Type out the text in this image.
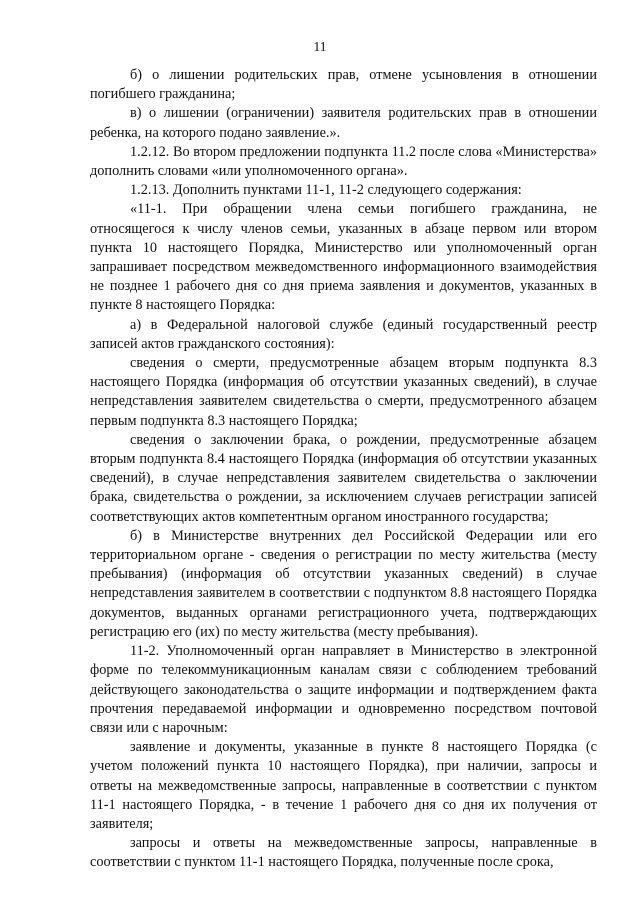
11

б) о лишении родительских прав, отмене усыновления в отношении погибшего гражданина;

в) о лишении (ограничении) заявителя родительских прав в отношении ребенка, на которого подано заявление.».

1.2.12. Во втором предложении подпункта 11.2 после слова «Министерства» дополнить словами «или уполномоченного органа».

1.2.13. Дополнить пунктами 11-1, 11-2 следующего содержания:

«11-1. При обращении члена семьи погибшего гражданина, не относящегося к числу членов семьи, указанных в абзаце первом или втором пункта 10 настоящего Порядка, Министерство или уполномоченный орган запрашивает посредством межведомственного информационного взаимодействия не позднее 1 рабочего дня со дня приема заявления и документов, указанных в пункте 8 настоящего Порядка:

а) в Федеральной налоговой службе (единый государственный реестр записей актов гражданского состояния):

сведения о смерти, предусмотренные абзацем вторым подпункта 8.3 настоящего Порядка (информация об отсутствии указанных сведений), в случае непредставления заявителем свидетельства о смерти, предусмотренного абзацем первым подпункта 8.3 настоящего Порядка;

сведения о заключении брака, о рождении, предусмотренные абзацем вторым подпункта 8.4 настоящего Порядка (информация об отсутствии указанных сведений), в случае непредставления заявителем свидетельства о заключении брака, свидетельства о рождении, за исключением случаев регистрации записей соответствующих актов компетентным органом иностранного государства;

б) в Министерстве внутренних дел Российской Федерации или его территориальном органе - сведения о регистрации по месту жительства (месту пребывания) (информация об отсутствии указанных сведений) в случае непредставления заявителем в соответствии с подпунктом 8.8 настоящего Порядка документов, выданных органами регистрационного учета, подтверждающих регистрацию его (их) по месту жительства (месту пребывания).

11-2. Уполномоченный орган направляет в Министерство в электронной форме по телекоммуникационным каналам связи с соблюдением требований действующего законодательства о защите информации и подтверждением факта прочтения передаваемой информации и одновременно посредством почтовой связи или с нарочным:

заявление и документы, указанные в пункте 8 настоящего Порядка (с учетом положений пункта 10 настоящего Порядка), при наличии, запросы и ответы на межведомственные запросы, направленные в соответствии с пунктом 11-1 настоящего Порядка, - в течение 1 рабочего дня со дня их получения от заявителя;

запросы и ответы на межведомственные запросы, направленные в соответствии с пунктом 11-1 настоящего Порядка, полученные после срока,
